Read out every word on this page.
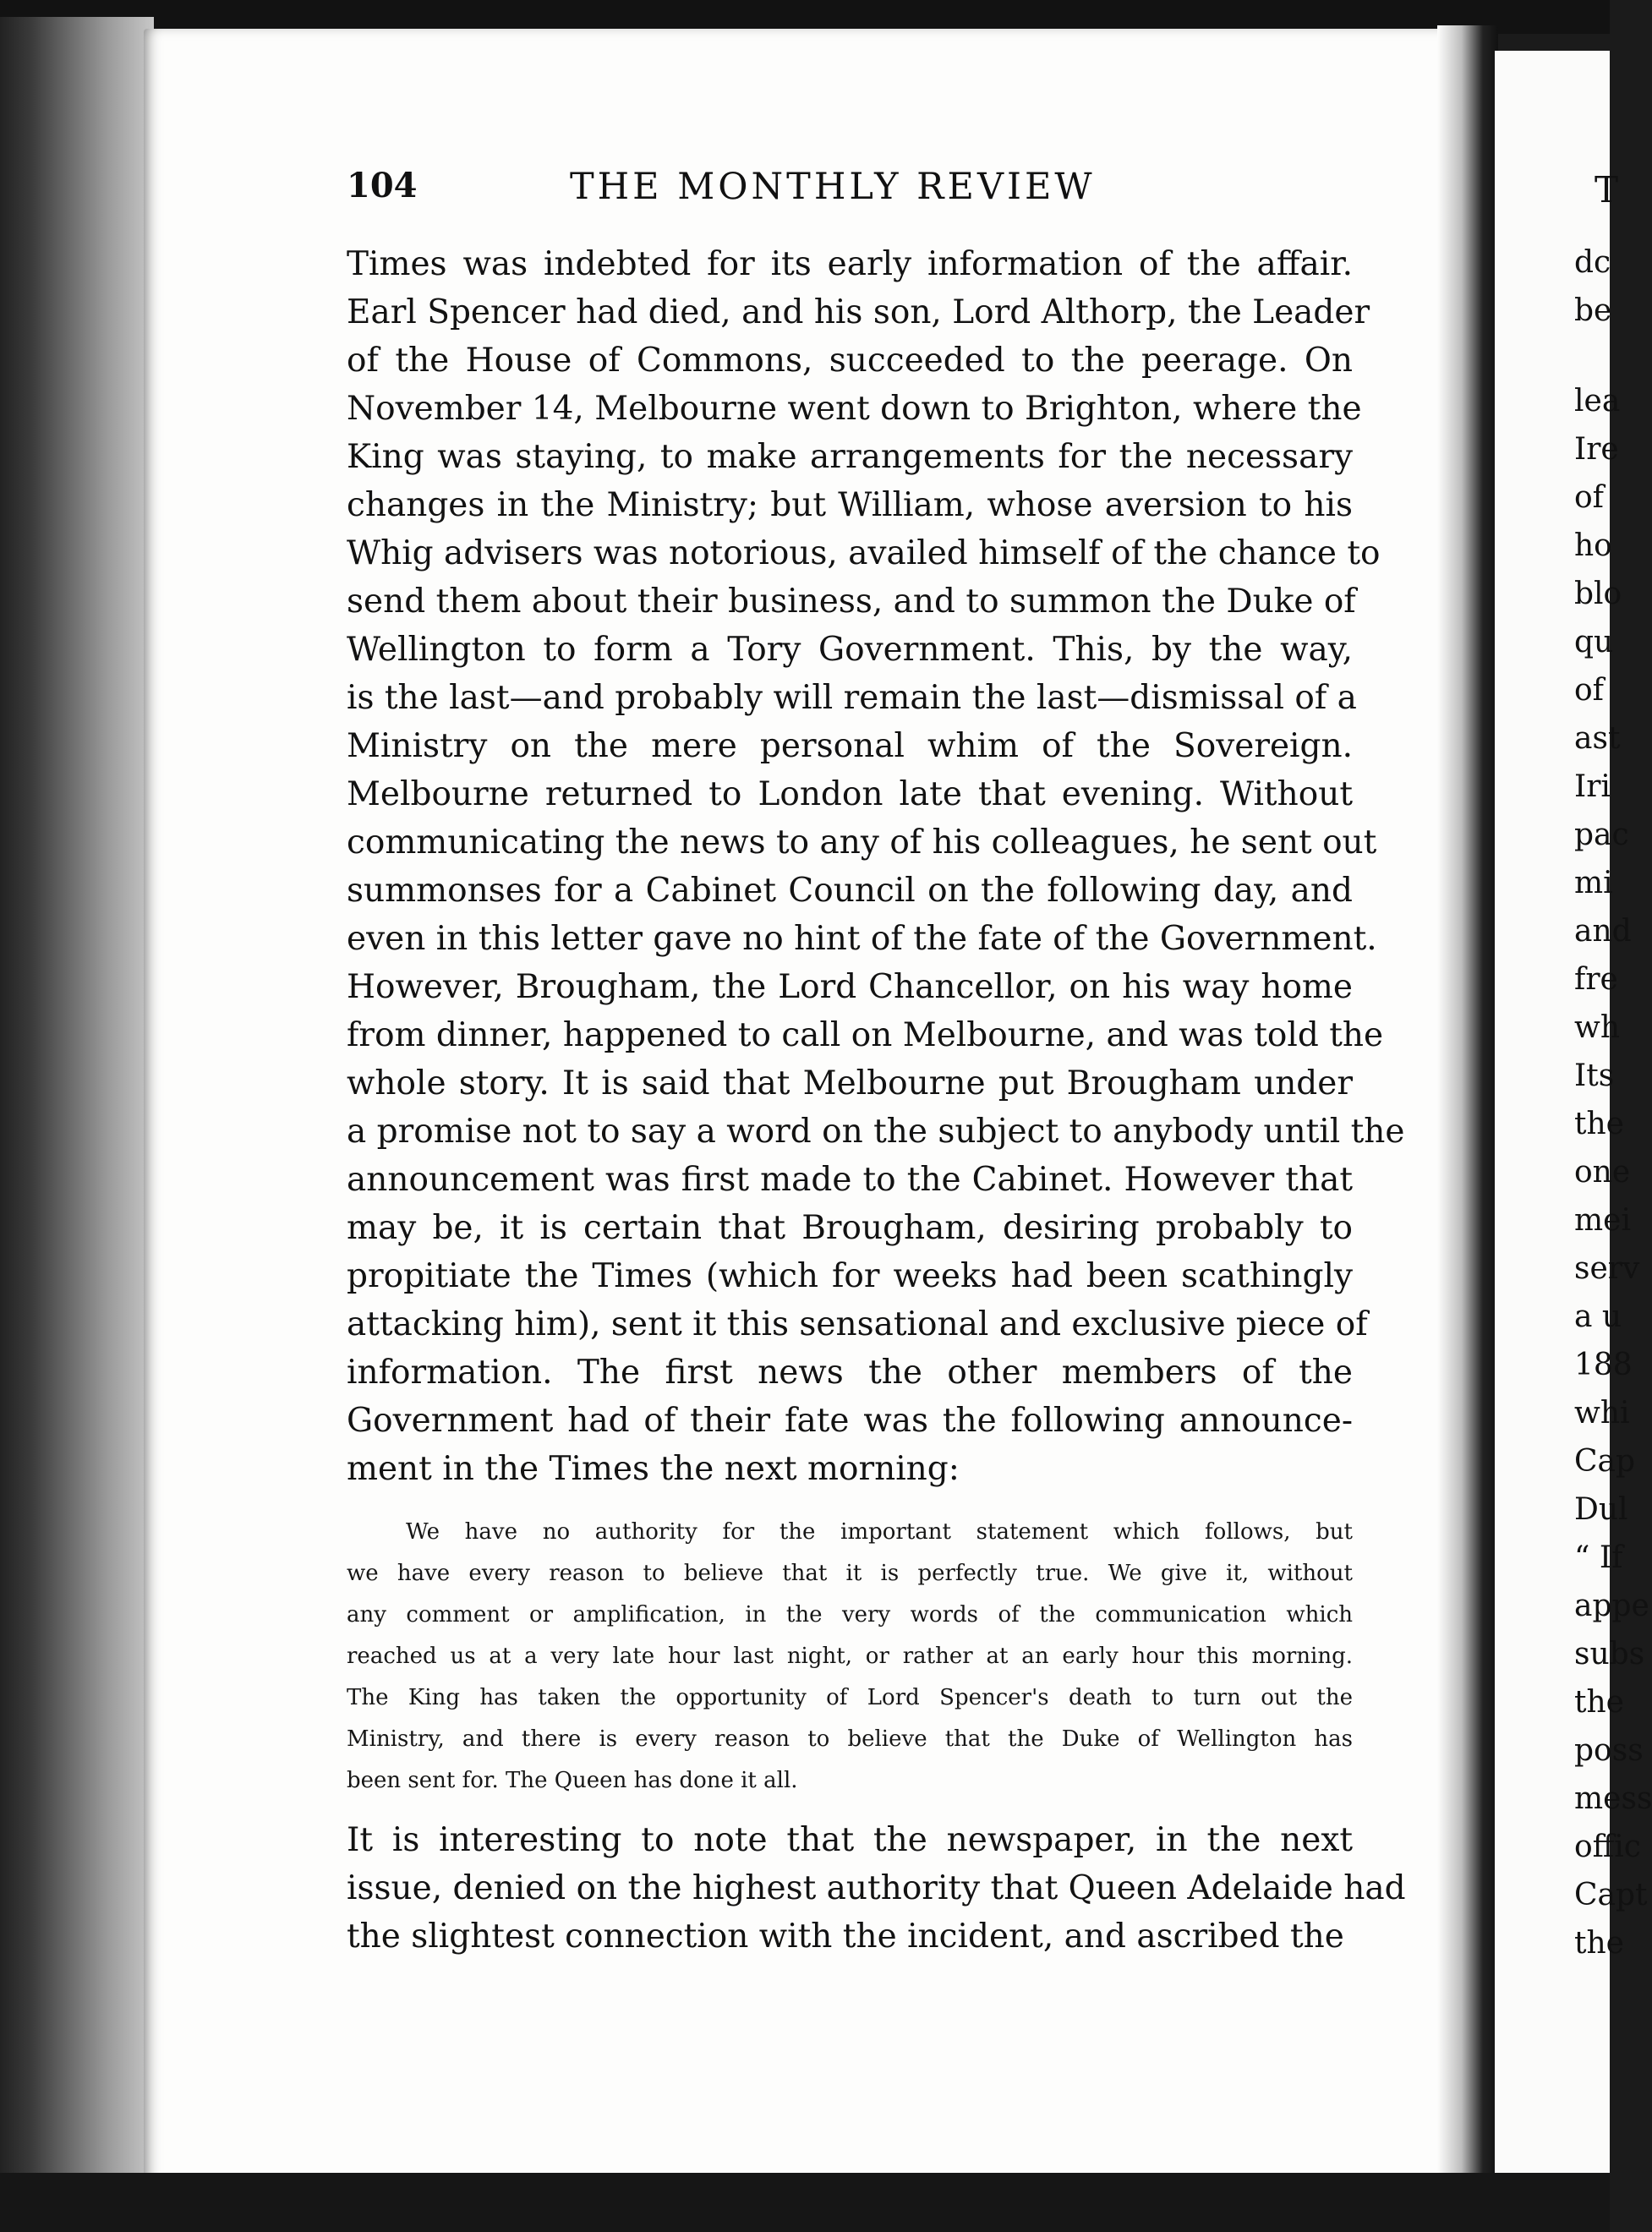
104	THE MONTHLY REVIEW
Times was indebted for its early information of the affair.
Earl Spencer had died, and his son, Lord Althorp, the Leader
of the House of Commons, succeeded to the peerage. On
November 14, Melbourne went down to Brighton, where the
King was staying, to make arrangements for the necessary
changes in the Ministry; but William, whose aversion to his
Whig advisers was notorious, availed himself of the chance to
send them about their business, and to summon the Duke of
Wellington to form a Tory Government. This, by the way,
is the last—and probably will remain the last—dismissal of a
Ministry on the mere personal whim of the Sovereign.
Melbourne returned to London late that evening. Without
communicating the news to any of his colleagues, he sent out
summonses for a Cabinet Council on the following day, and
even in this letter gave no hint of the fate of the Government.
However, Brougham, the Lord Chancellor, on his way home
from dinner, happened to call on Melbourne, and was told the
whole story. It is said that Melbourne put Brougham under
a promise not to say a word on the subject to anybody until the
announcement was first made to the Cabinet. However that
may be, it is certain that Brougham, desiring probably to
propitiate the Times (which for weeks had been scathingly
attacking him), sent it this sensational and exclusive piece of
information. The first news the other members of the
Government had of their fate was the following announce-
ment in the Times the next morning:
We have no authority for the important statement which follows, but
we have every reason to believe that it is perfectly true. We give it, without
any comment or amplification, in the very words of the communication which
reached us at a very late hour last night, or rather at an early hour this morning.
The King has taken the opportunity of Lord Spencer's death to turn out the
Ministry, and there is every reason to believe that the Duke of Wellington has
been sent for. The Queen has done it all.
It is interesting to note that the newspaper, in the next
issue, denied on the highest authority that Queen Adelaide had
the slightest connection with the incident, and ascribed the
T
dc
be
lea
Ire
of
ho
blo
qu
of
ast
Iri
pac
mi
and
fre
wh
Its
the
one
mei
serv
a u
188
whi
Cap
Dul
“ If
appe
subs
the
poss
mess
offic
Capt
the
